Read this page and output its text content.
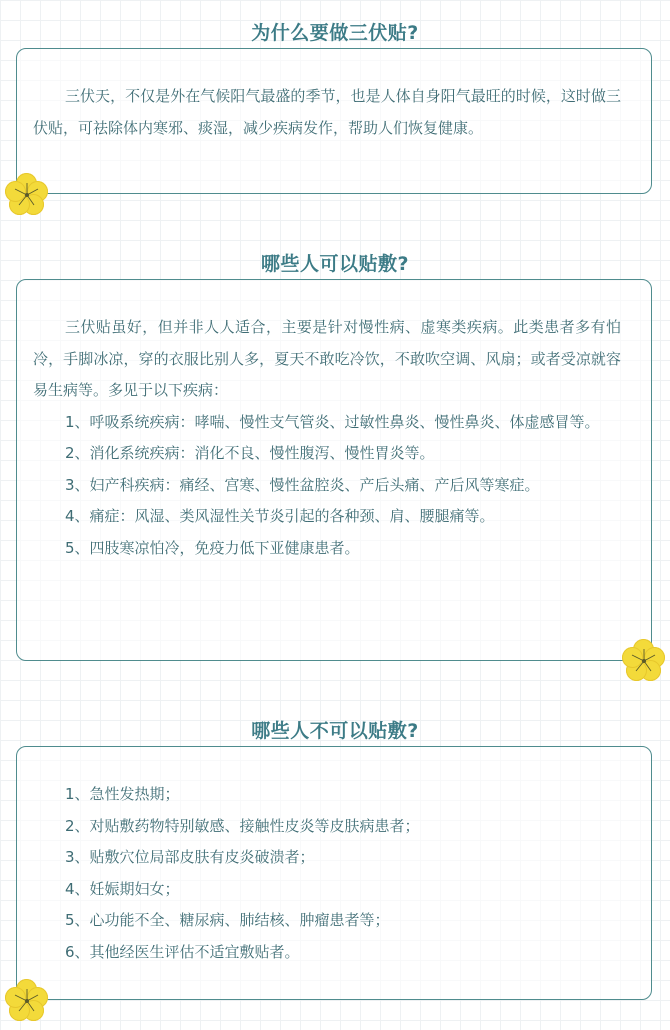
为什么要做三伏贴?

三伏天，不仅是外在气候阳气最盛的季节，也是人体自身阳气最旺的时候，这时做三伏贴，可祛除体内寒邪、痰湿，减少疾病发作，帮助人们恢复健康。

哪些人可以贴敷?

三伏贴虽好，但并非人人适合，主要是针对慢性病、虚寒类疾病。此类患者多有怕冷，手脚冰凉，穿的衣服比别人多，夏天不敢吃冷饮，不敢吹空调、风扇；或者受凉就容易生病等。多见于以下疾病：

1、呼吸系统疾病：哮喘、慢性支气管炎、过敏性鼻炎、慢性鼻炎、体虚感冒等。

2、消化系统疾病：消化不良、慢性腹泻、慢性胃炎等。

3、妇产科疾病：痛经、宫寒、慢性盆腔炎、产后头痛、产后风等寒症。

4、痛症：风湿、类风湿性关节炎引起的各种颈、肩、腰腿痛等。

5、四肢寒凉怕冷，免疫力低下亚健康患者。

哪些人不可以贴敷?

1、急性发热期；

2、对贴敷药物特别敏感、接触性皮炎等皮肤病患者；

3、贴敷穴位局部皮肤有皮炎破溃者；

4、妊娠期妇女；

5、心功能不全、糖尿病、肺结核、肿瘤患者等；

6、其他经医生评估不适宜敷贴者。
